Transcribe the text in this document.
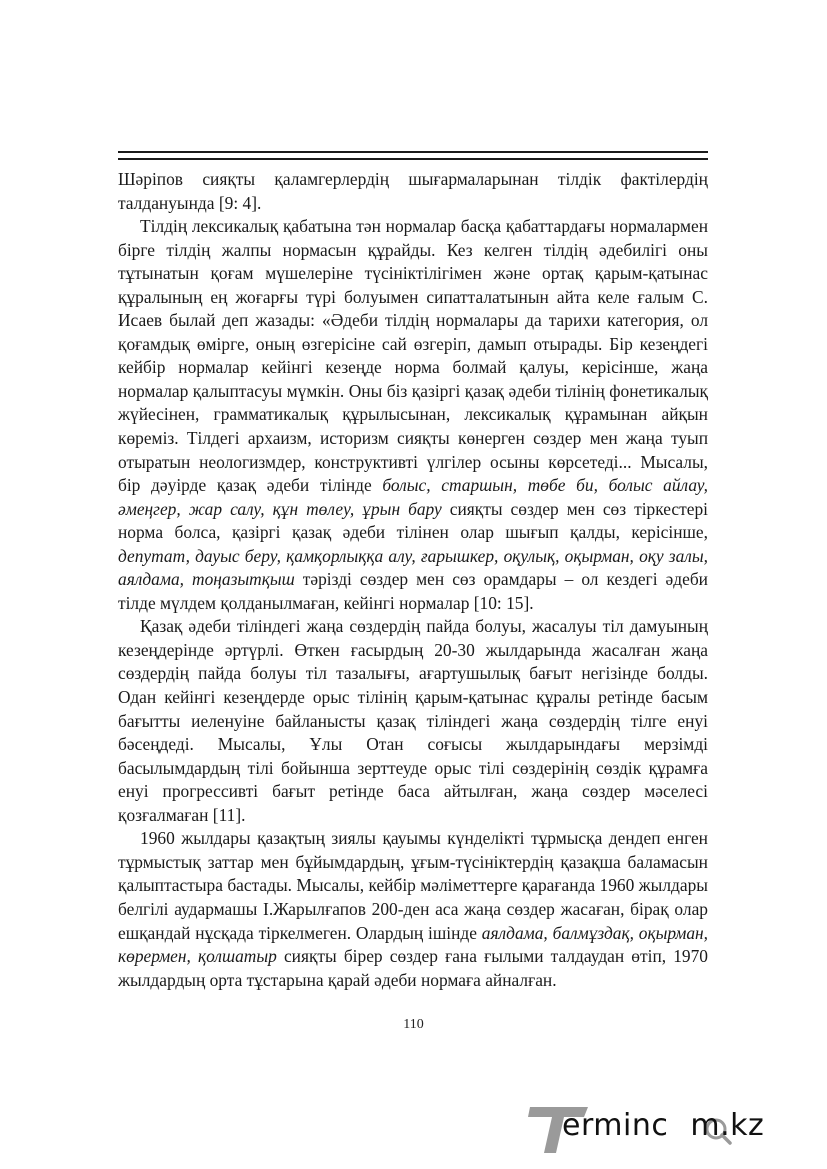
Шәріпов сияқты қаламгерлердің шығармаларынан тілдік фактілердің талдануында [9: 4].

Тілдің лексикалық қабатына тән нормалар басқа қабаттардағы нормалармен бірге тілдің жалпы нормасын құрайды. Кез келген тілдің әдебилігі оны тұтынатын қоғам мүшелеріне түсініктілігімен және ортақ қарым-қатынас құралының ең жоғарғы түрі болуымен сипатталатынын айта келе ғалым С. Исаев былай деп жазады: «Әдеби тілдің нормалары да тарихи категория, ол қоғамдық өмірге, оның өзгерісіне сай өзгеріп, дамып отырады. Бір кезеңдегі кейбір нормалар кейінгі кезеңде норма болмай қалуы, керісінше, жаңа нормалар қалыптасуы мүмкін. Оны біз қазіргі қазақ әдеби тілінің фонетикалық жүйесінен, грамматикалық құрылысынан, лексикалық құрамынан айқын көреміз. Тілдегі архаизм, историзм сияқты көнерген сөздер мен жаңа туып отыратын неологизмдер, конструктивті үлгілер осыны көрсетеді... Мысалы, бір дәуірде қазақ әдеби тілінде болыс, старшын, төбе би, болыс айлау, әмеңгер, жар салу, құн төлеу, ұрын бару сияқты сөздер мен сөз тіркестері норма болса, қазіргі қазақ әдеби тілінен олар шығып қалды, керісінше, депутат, дауыс беру, қамқорлыққа алу, ғарышкер, оқулық, оқырман, оқу залы, аялдама, тоңазытқыш тәрізді сөздер мен сөз орамдары – ол кездегі әдеби тілде мүлдем қолданылмаған, кейінгі нормалар [10: 15].

Қазақ әдеби тіліндегі жаңа сөздердің пайда болуы, жасалуы тіл дамуының кезеңдерінде әртүрлі. Өткен ғасырдың 20-30 жылдарында жасалған жаңа сөздердің пайда болуы тіл тазалығы, ағартушылық бағыт негізінде болды. Одан кейінгі кезеңдерде орыс тілінің қарым-қатынас құралы ретінде басым бағытты иеленуіне байланысты қазақ тіліндегі жаңа сөздердің тілге енуі бәсеңдеді. Мысалы, Ұлы Отан соғысы жылдарындағы мерзімді басылымдардың тілі бойынша зерттеуде орыс тілі сөздерінің сөздік құрамға енуі прогрессивті бағыт ретінде баса айтылған, жаңа сөздер мәселесі қозғалмаған [11].

1960 жылдары қазақтың зиялы қауымы күнделікті тұрмысқа дендеп енген тұрмыстық заттар мен бұйымдардың, ұғым-түсініктердің қазақша баламасын қалыптастыра бастады. Мысалы, кейбір мәліметтерге қарағанда 1960 жылдары белгілі аудармашы І.Жарылғапов 200-ден аса жаңа сөздер жасаған, бірақ олар ешқандай нұсқада тіркелмеген. Олардың ішінде аялдама, балмұздақ, оқырман, көрермен, қолшатыр сияқты бірер сөздер ғана ғылыми талдаудан өтіп, 1970 жылдардың орта тұстарына қарай әдеби нормаға айналған.

110
erminc m.kz
